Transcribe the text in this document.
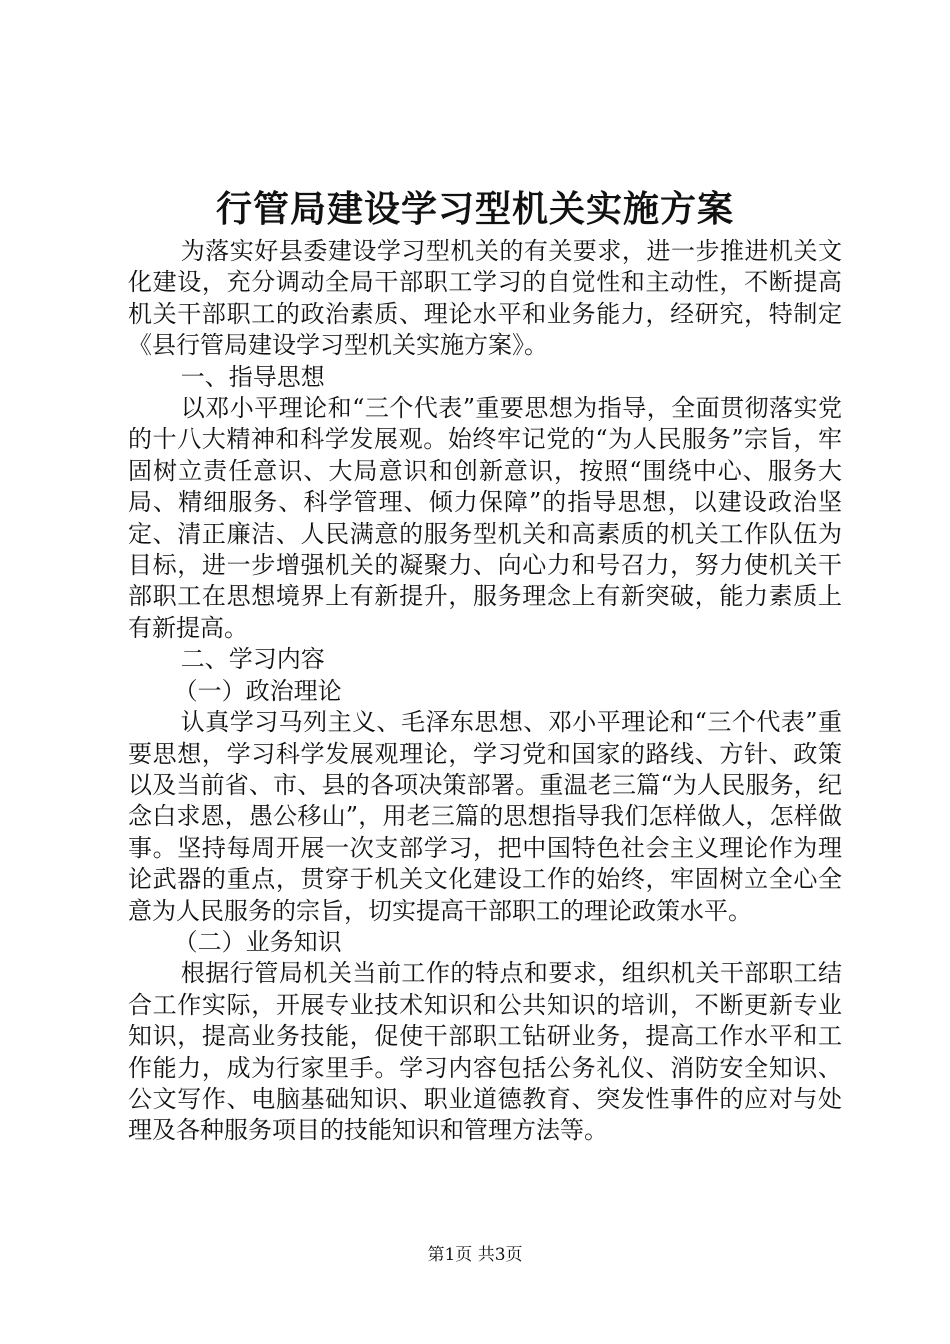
行管局建设学习型机关实施方案

为落实好县委建设学习型机关的有关要求，进一步推进机关文化建设，充分调动全局干部职工学习的自觉性和主动性，不断提高机关干部职工的政治素质、理论水平和业务能力，经研究，特制定《县行管局建设学习型机关实施方案》。

一、指导思想

以邓小平理论和“三个代表”重要思想为指导，全面贯彻落实党的十八大精神和科学发展观。始终牢记党的“为人民服务”宗旨，牢固树立责任意识、大局意识和创新意识，按照“围绕中心、服务大局、精细服务、科学管理、倾力保障”的指导思想，以建设政治坚定、清正廉洁、人民满意的服务型机关和高素质的机关工作队伍为目标，进一步增强机关的凝聚力、向心力和号召力，努力使机关干部职工在思想境界上有新提升，服务理念上有新突破，能力素质上有新提高。

二、学习内容

（一）政治理论

认真学习马列主义、毛泽东思想、邓小平理论和“三个代表”重要思想，学习科学发展观理论，学习党和国家的路线、方针、政策以及当前省、市、县的各项决策部署。重温老三篇“为人民服务，纪念白求恩，愚公移山”，用老三篇的思想指导我们怎样做人，怎样做事。坚持每周开展一次支部学习，把中国特色社会主义理论作为理论武器的重点，贯穿于机关文化建设工作的始终，牢固树立全心全意为人民服务的宗旨，切实提高干部职工的理论政策水平。

（二）业务知识

根据行管局机关当前工作的特点和要求，组织机关干部职工结合工作实际，开展专业技术知识和公共知识的培训，不断更新专业知识，提高业务技能，促使干部职工钻研业务，提高工作水平和工作能力，成为行家里手。学习内容包括公务礼仪、消防安全知识、公文写作、电脑基础知识、职业道德教育、突发性事件的应对与处理及各种服务项目的技能知识和管理方法等。

第1页 共3页
